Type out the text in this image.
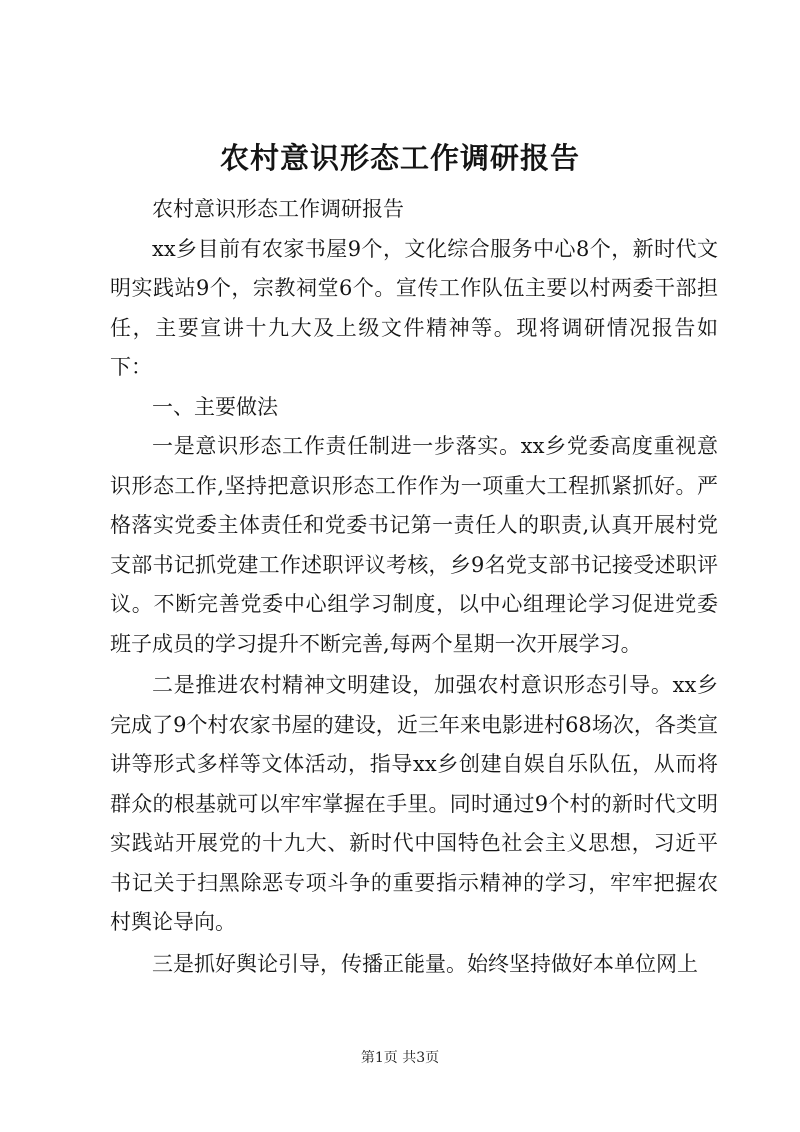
农村意识形态工作调研报告

农村意识形态工作调研报告

xx乡目前有农家书屋9个，文化综合服务中心8个，新时代文明实践站9个，宗教祠堂6个。宣传工作队伍主要以村两委干部担任，主要宣讲十九大及上级文件精神等。现将调研情况报告如下：

一、主要做法

一是意识形态工作责任制进一步落实。xx乡党委高度重视意识形态工作,坚持把意识形态工作作为一项重大工程抓紧抓好。严格落实党委主体责任和党委书记第一责任人的职责,认真开展村党支部书记抓党建工作述职评议考核，乡9名党支部书记接受述职评议。不断完善党委中心组学习制度，以中心组理论学习促进党委班子成员的学习提升不断完善,每两个星期一次开展学习。

二是推进农村精神文明建设，加强农村意识形态引导。xx乡完成了9个村农家书屋的建设，近三年来电影进村68场次，各类宣讲等形式多样等文体活动，指导xx乡创建自娱自乐队伍，从而将群众的根基就可以牢牢掌握在手里。同时通过9个村的新时代文明实践站开展党的十九大、新时代中国特色社会主义思想，习近平书记关于扫黑除恶专项斗争的重要指示精神的学习，牢牢把握农村舆论导向。

三是抓好舆论引导，传播正能量。始终坚持做好本单位网上

第1页 共3页
